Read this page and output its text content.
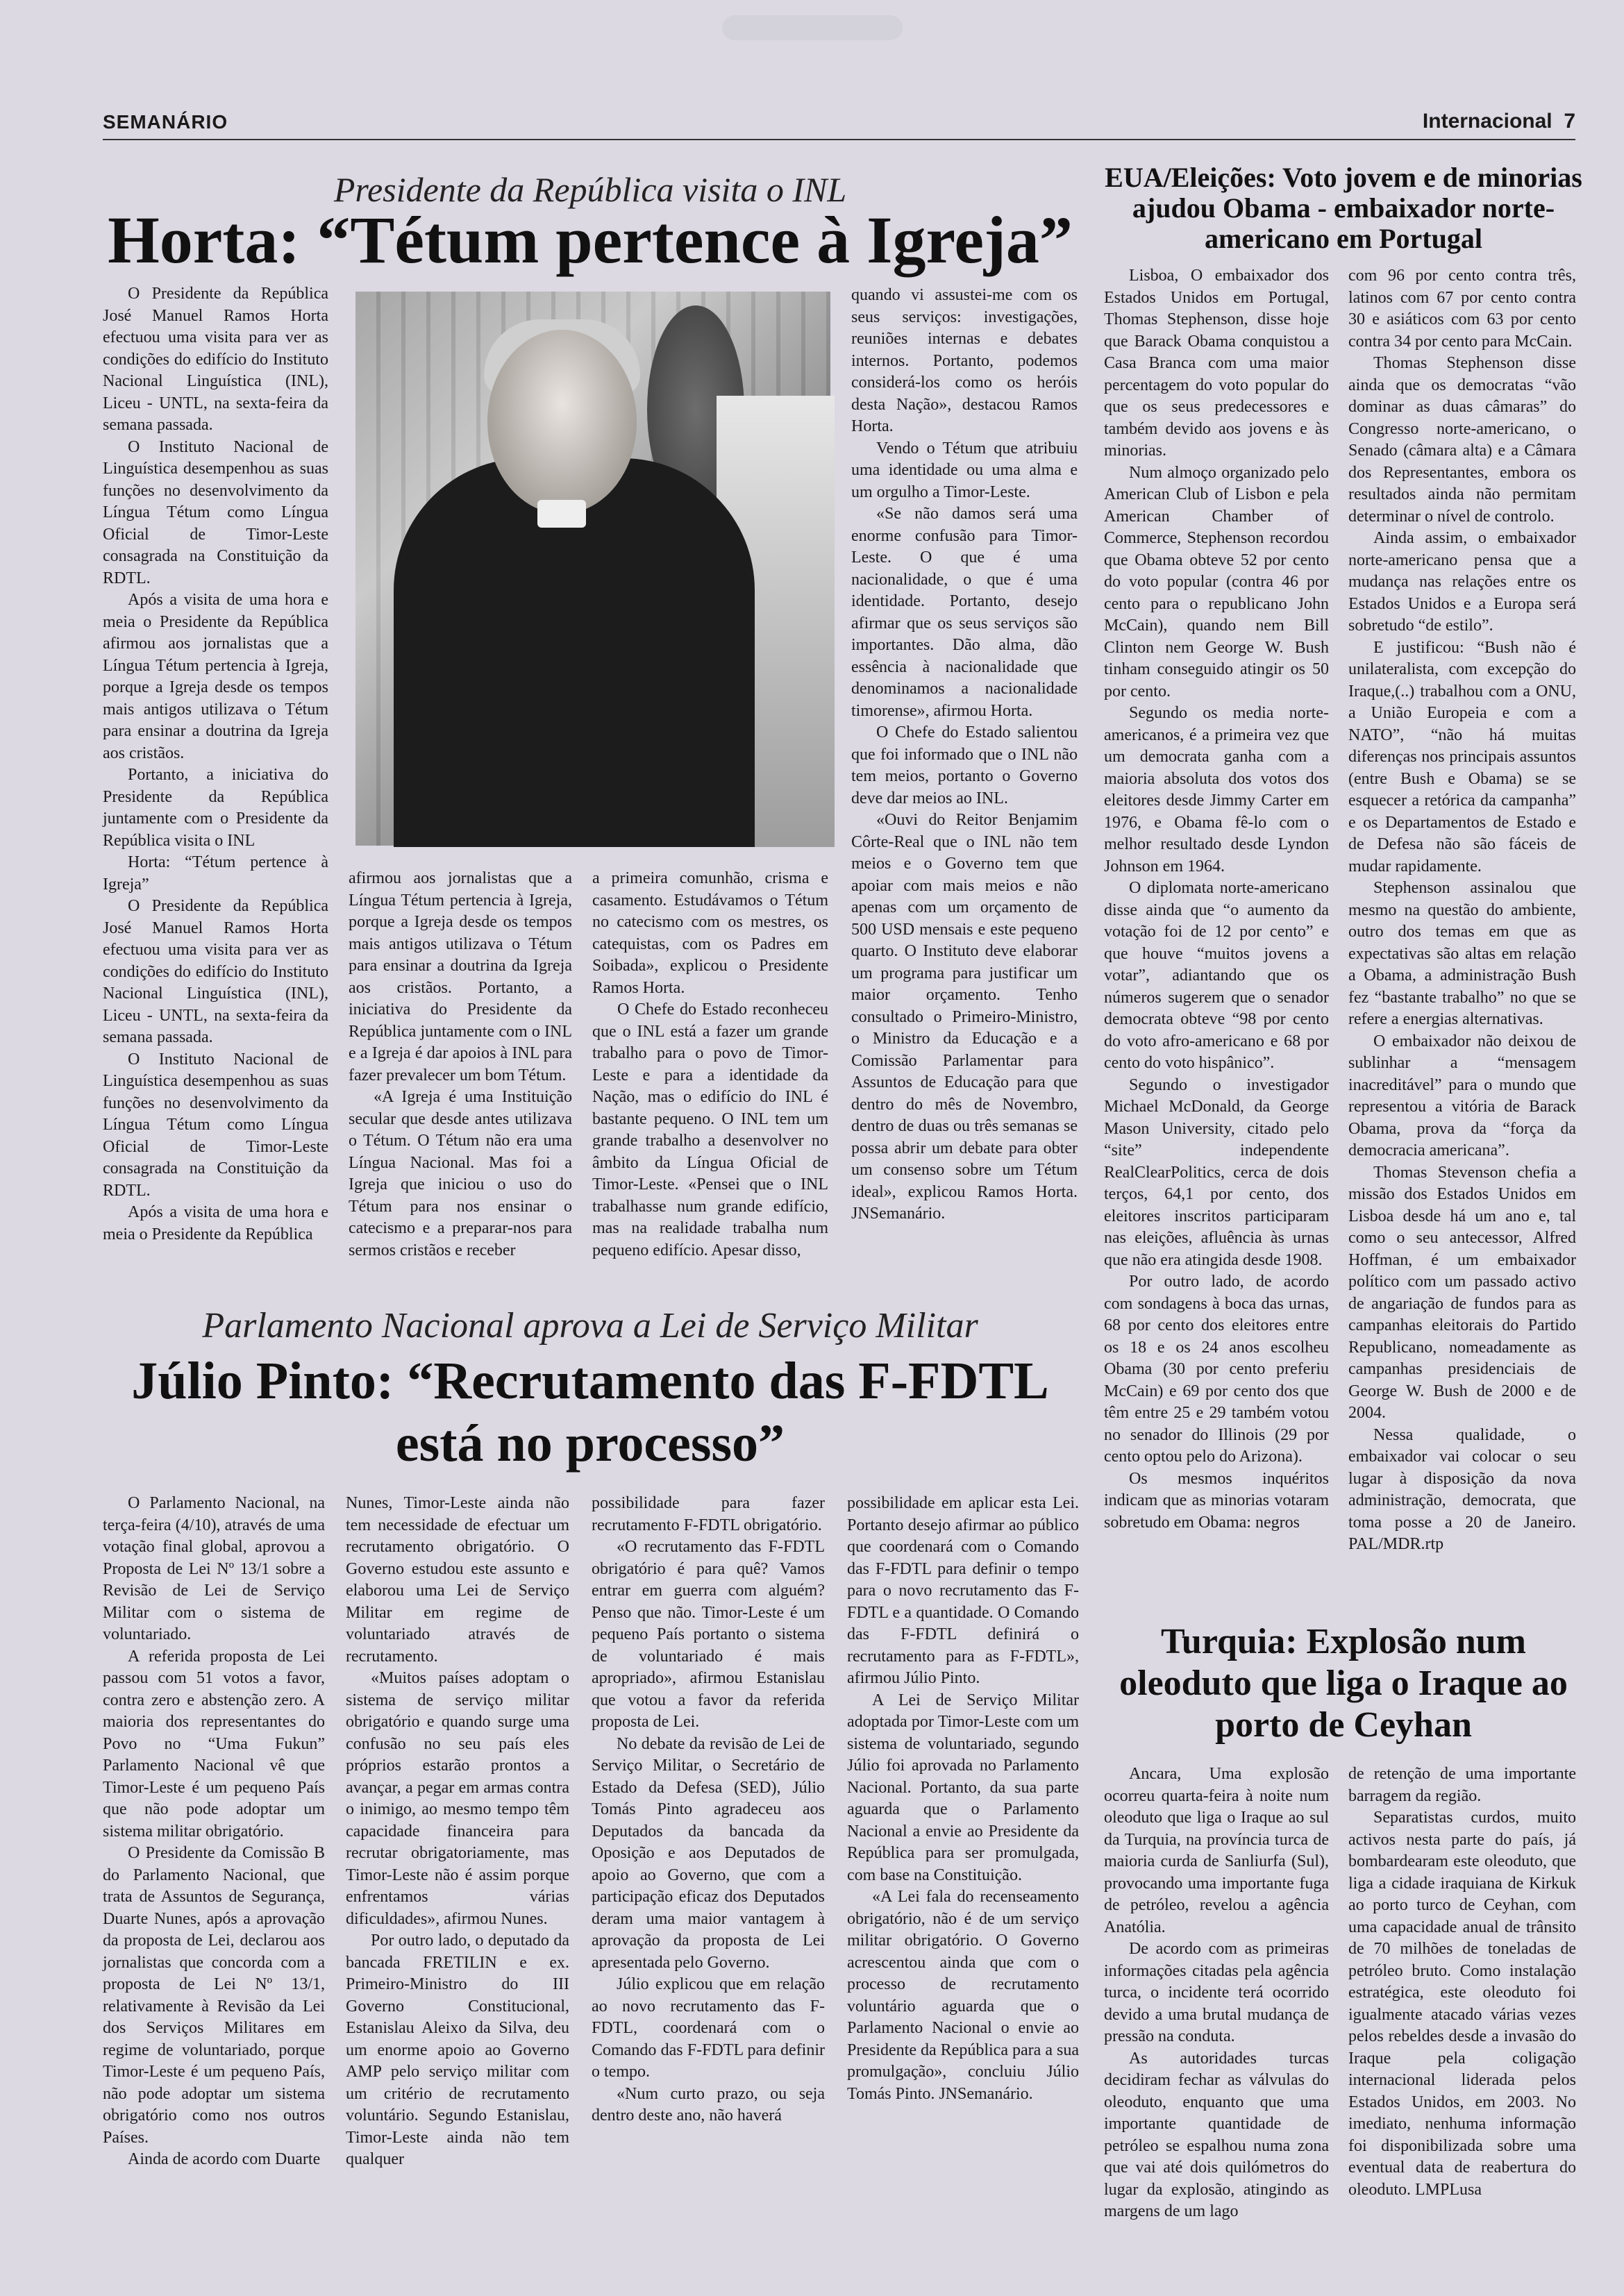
SEMANÁRIO	Internacional 7
Presidente da República visita o INL
Horta: “Tétum pertence à Igreja”

O Presidente da República José Manuel Ramos Horta efectuou uma visita para ver as condições do edifício do Instituto Nacional Linguística (INL), Liceu - UNTL, na sexta-feira da semana passada.

O Instituto Nacional de Linguística desempenhou as suas funções no desenvolvimento da Língua Tétum como Língua Oficial de Timor-Leste consagrada na Constituição da RDTL.

Após a visita de uma hora e meia o Presidente da República afirmou aos jornalistas que a Língua Tétum pertencia à Igreja, porque a Igreja desde os tempos mais antigos utilizava o Tétum para ensinar a doutrina da Igreja aos cristãos.

Portanto, a iniciativa do Presidente da República juntamente com o Presidente da República visita o INL

Horta: “Tétum pertence à Igreja”

O Presidente da República José Manuel Ramos Horta efectuou uma visita para ver as condições do edifício do Instituto Nacional Linguística (INL), Liceu - UNTL, na sexta-feira da semana passada.

O Instituto Nacional de Linguística desempenhou as suas funções no desenvolvimento da Língua Tétum como Língua Oficial de Timor-Leste consagrada na Constituição da RDTL.

Após a visita de uma hora e meia o Presidente da República

afirmou aos jornalistas que a Língua Tétum pertencia à Igreja, porque a Igreja desde os tempos mais antigos utilizava o Tétum para ensinar a doutrina da Igreja aos cristãos. Portanto, a iniciativa do Presidente da República juntamente com o INL e a Igreja é dar apoios à INL para fazer prevalecer um bom Tétum.

«A Igreja é uma Instituição secular que desde antes utilizava o Tétum. O Tétum não era uma Língua Nacional. Mas foi a Igreja que iniciou o uso do Tétum para nos ensinar o catecismo e a preparar-nos para sermos cristãos e receber

a primeira comunhão, crisma e casamento. Estudávamos o Tétum no catecismo com os mestres, os catequistas, com os Padres em Soibada», explicou o Presidente Ramos Horta.

O Chefe do Estado reconheceu que o INL está a fazer um grande trabalho para o povo de Timor-Leste e para a identidade da Nação, mas o edifício do INL é bastante pequeno. O INL tem um grande trabalho a desenvolver no âmbito da Língua Oficial de Timor-Leste. «Pensei que o INL trabalhasse num grande edifício, mas na realidade trabalha num pequeno edifício. Apesar disso,

quando vi assustei-me com os seus serviços: investigações, reuniões internas e debates internos. Portanto, podemos considerá-los como os heróis desta Nação», destacou Ramos Horta.

Vendo o Tétum que atribuiu uma identidade ou uma alma e um orgulho a Timor-Leste.

«Se não damos será uma enorme confusão para Timor-Leste. O que é uma nacionalidade, o que é uma identidade. Portanto, desejo afirmar que os seus serviços são importantes. Dão alma, dão essência à nacionalidade que denominamos a nacionalidade timorense», afirmou Horta.

O Chefe do Estado salientou que foi informado que o INL não tem meios, portanto o Governo deve dar meios ao INL.

«Ouvi do Reitor Benjamim Côrte-Real que o INL não tem meios e o Governo tem que apoiar com mais meios e não apenas com um orçamento de 500 USD mensais e este pequeno quarto. O Instituto deve elaborar um programa para justificar um maior orçamento. Tenho consultado o Primeiro-Ministro, o Ministro da Educação e a Comissão Parlamentar para Assuntos de Educação para que dentro do mês de Novembro, dentro de duas ou três semanas se possa abrir um debate para obter um consenso sobre um Tétum ideal», explicou Ramos Horta. JNSemanário.

EUA/Eleições: Voto jovem e de minorias ajudou Obama - embaixador norte-americano em Portugal

Lisboa, O embaixador dos Estados Unidos em Portugal, Thomas Stephenson, disse hoje que Barack Obama conquistou a Casa Branca com uma maior percentagem do voto popular do que os seus predecessores e também devido aos jovens e às minorias.

Num almoço organizado pelo American Club of Lisbon e pela American Chamber of Commerce, Stephenson recordou que Obama obteve 52 por cento do voto popular (contra 46 por cento para o republicano John McCain), quando nem Bill Clinton nem George W. Bush tinham conseguido atingir os 50 por cento.

Segundo os media norte-americanos, é a primeira vez que um democrata ganha com a maioria absoluta dos votos dos eleitores desde Jimmy Carter em 1976, e Obama fê-lo com o melhor resultado desde Lyndon Johnson em 1964.

O diplomata norte-americano disse ainda que “o aumento da votação foi de 12 por cento” e que houve “muitos jovens a votar”, adiantando que os números sugerem que o senador democrata obteve “98 por cento do voto afro-americano e 68 por cento do voto hispânico”.

Segundo o investigador Michael McDonald, da George Mason University, citado pelo “site” independente RealClearPolitics, cerca de dois terços, 64,1 por cento, dos eleitores inscritos participaram nas eleições, afluência às urnas que não era atingida desde 1908.

Por outro lado, de acordo com sondagens à boca das urnas, 68 por cento dos eleitores entre os 18 e os 24 anos escolheu Obama (30 por cento preferiu McCain) e 69 por cento dos que têm entre 25 e 29 também votou no senador do Illinois (29 por cento optou pelo do Arizona).

Os mesmos inquéritos indicam que as minorias votaram sobretudo em Obama: negros

com 96 por cento contra três, latinos com 67 por cento contra 30 e asiáticos com 63 por cento contra 34 por cento para McCain.

Thomas Stephenson disse ainda que os democratas “vão dominar as duas câmaras” do Congresso norte-americano, o Senado (câmara alta) e a Câmara dos Representantes, embora os resultados ainda não permitam determinar o nível de controlo.

Ainda assim, o embaixador norte-americano pensa que a mudança nas relações entre os Estados Unidos e a Europa será sobretudo “de estilo”.

E justificou: “Bush não é unilateralista, com excepção do Iraque,(..) trabalhou com a ONU, a União Europeia e com a NATO”, “não há muitas diferenças nos principais assuntos (entre Bush e Obama) se se esquecer a retórica da campanha” e os Departamentos de Estado e de Defesa não são fáceis de mudar rapidamente.

Stephenson assinalou que mesmo na questão do ambiente, outro dos temas em que as expectativas são altas em relação a Obama, a administração Bush fez “bastante trabalho” no que se refere a energias alternativas.

O embaixador não deixou de sublinhar a “mensagem inacreditável” para o mundo que representou a vitória de Barack Obama, prova da “força da democracia americana”.

Thomas Stevenson chefia a missão dos Estados Unidos em Lisboa desde há um ano e, tal como o seu antecessor, Alfred Hoffman, é um embaixador político com um passado activo de angariação de fundos para as campanhas eleitorais do Partido Republicano, nomeadamente as campanhas presidenciais de George W. Bush de 2000 e de 2004.

Nessa qualidade, o embaixador vai colocar o seu lugar à disposição da nova administração, democrata, que toma posse a 20 de Janeiro. PAL/MDR.rtp

Parlamento Nacional aprova a Lei de Serviço Militar
Júlio Pinto: “Recrutamento das F-FDTL está no processo”

O Parlamento Nacional, na terça-feira (4/10), através de uma votação final global, aprovou a Proposta de Lei Nº 13/1 sobre a Revisão de Lei de Serviço Militar com o sistema de voluntariado.

A referida proposta de Lei passou com 51 votos a favor, contra zero e abstenção zero. A maioria dos representantes do Povo no “Uma Fukun” Parlamento Nacional vê que Timor-Leste é um pequeno País que não pode adoptar um sistema militar obrigatório.

O Presidente da Comissão B do Parlamento Nacional, que trata de Assuntos de Segurança, Duarte Nunes, após a aprovação da proposta de Lei, declarou aos jornalistas que concorda com a proposta de Lei Nº 13/1, relativamente à Revisão da Lei dos Serviços Militares em regime de voluntariado, porque Timor-Leste é um pequeno País, não pode adoptar um sistema obrigatório como nos outros Países.

Ainda de acordo com Duarte

Nunes, Timor-Leste ainda não tem necessidade de efectuar um recrutamento obrigatório. O Governo estudou este assunto e elaborou uma Lei de Serviço Militar em regime de voluntariado através de recrutamento.

«Muitos países adoptam o sistema de serviço militar obrigatório e quando surge uma confusão no seu país eles próprios estarão prontos a avançar, a pegar em armas contra o inimigo, ao mesmo tempo têm capacidade financeira para recrutar obrigatoriamente, mas Timor-Leste não é assim porque enfrentamos várias dificuldades», afirmou Nunes.

Por outro lado, o deputado da bancada FRETILIN e ex. Primeiro-Ministro do III Governo Constitucional, Estanislau Aleixo da Silva, deu um enorme apoio ao Governo AMP pelo serviço militar com um critério de recrutamento voluntário. Segundo Estanislau, Timor-Leste ainda não tem qualquer

possibilidade para fazer recrutamento F-FDTL obrigatório.

«O recrutamento das F-FDTL obrigatório é para quê? Vamos entrar em guerra com alguém? Penso que não. Timor-Leste é um pequeno País portanto o sistema de voluntariado é mais apropriado», afirmou Estanislau que votou a favor da referida proposta de Lei.

No debate da revisão de Lei de Serviço Militar, o Secretário de Estado da Defesa (SED), Júlio Tomás Pinto agradeceu aos Deputados da bancada da Oposição e aos Deputados de apoio ao Governo, que com a participação eficaz dos Deputados deram uma maior vantagem à aprovação da proposta de Lei apresentada pelo Governo.

Júlio explicou que em relação ao novo recrutamento das F-FDTL, coordenará com o Comando das F-FDTL para definir o tempo.

«Num curto prazo, ou seja dentro deste ano, não haverá

possibilidade em aplicar esta Lei. Portanto desejo afirmar ao público que coordenará com o Comando das F-FDTL para definir o tempo para o novo recrutamento das F-FDTL e a quantidade. O Comando das F-FDTL definirá o recrutamento para as F-FDTL», afirmou Júlio Pinto.

A Lei de Serviço Militar adoptada por Timor-Leste com um sistema de voluntariado, segundo Júlio foi aprovada no Parlamento Nacional. Portanto, da sua parte aguarda que o Parlamento Nacional a envie ao Presidente da República para ser promulgada, com base na Constituição.

«A Lei fala do recenseamento obrigatório, não é de um serviço militar obrigatório. O Governo acrescentou ainda que com o processo de recrutamento voluntário aguarda que o Parlamento Nacional o envie ao Presidente da República para a sua promulgação», concluiu Júlio Tomás Pinto. JNSemanário.

Turquia: Explosão num oleoduto que liga o Iraque ao porto de Ceyhan

Ancara, Uma explosão ocorreu quarta-feira à noite num oleoduto que liga o Iraque ao sul da Turquia, na província turca de maioria curda de Sanliurfa (Sul), provocando uma importante fuga de petróleo, revelou a agência Anatólia.

De acordo com as primeiras informações citadas pela agência turca, o incidente terá ocorrido devido a uma brutal mudança de pressão na conduta.

As autoridades turcas decidiram fechar as válvulas do oleoduto, enquanto que uma importante quantidade de petróleo se espalhou numa zona que vai até dois quilómetros do lugar da explosão, atingindo as margens de um lago

de retenção de uma importante barragem da região.

Separatistas curdos, muito activos nesta parte do país, já bombardearam este oleoduto, que liga a cidade iraquiana de Kirkuk ao porto turco de Ceyhan, com uma capacidade anual de trânsito de 70 milhões de toneladas de petróleo bruto. Como instalação estratégica, este oleoduto foi igualmente atacado várias vezes pelos rebeldes desde a invasão do Iraque pela coligação internacional liderada pelos Estados Unidos, em 2003. No imediato, nenhuma informação foi disponibilizada sobre uma eventual data de reabertura do oleoduto. LMPLusa
